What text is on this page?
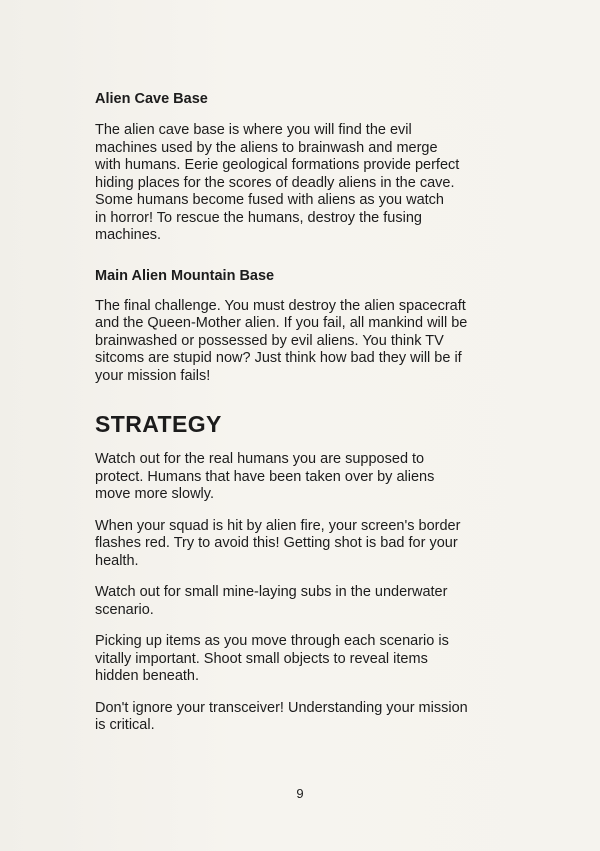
Alien Cave Base

The alien cave base is where you will find the evil
machines used by the aliens to brainwash and merge
with humans. Eerie geological formations provide perfect
hiding places for the scores of deadly aliens in the cave.
Some humans become fused with aliens as you watch
in horror! To rescue the humans, destroy the fusing
machines.

Main Alien Mountain Base

The final challenge. You must destroy the alien spacecraft
and the Queen-Mother alien. If you fail, all mankind will be
brainwashed or possessed by evil aliens. You think TV
sitcoms are stupid now? Just think how bad they will be if
your mission fails!

STRATEGY

Watch out for the real humans you are supposed to
protect. Humans that have been taken over by aliens
move more slowly.

When your squad is hit by alien fire, your screen's border
flashes red. Try to avoid this! Getting shot is bad for your
health.

Watch out for small mine-laying subs in the underwater
scenario.

Picking up items as you move through each scenario is
vitally important. Shoot small objects to reveal items
hidden beneath.

Don't ignore your transceiver! Understanding your mission
is critical.

9
